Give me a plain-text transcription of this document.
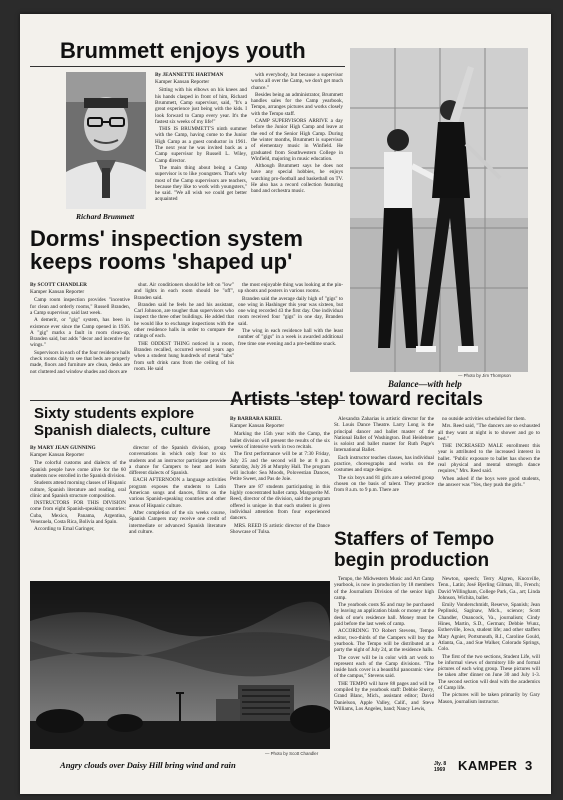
Brummett enjoys youth
Richard Brummett

By JEANNETTE HARTMAN

Kamper Kansan Reporter

Sitting with his elbows on his knees and his hands clasped in front of him, Richard Brummett, Camp supervisor, said, "It's a great experience just being with the kids. I look forward to Camp every year. It's the fastest six weeks of my life!"

THIS IS BRUMMETT'S ninth summer with the Camp, having come to the Junior High Camp as a guest conductor in 1961. The next year he was invited back as a Camp supervisor by Russell L. Wiley, Camp director.

The main thing about being a Camp supervisor is to like youngsters. That's why most of the Camp supervisors are teachers, because they like to work with youngsters," he said. "We all wish we could get better acquainted

with everybody, but because a supervisor works all over the Camp, we don't get much chance."

Besides being an administrator, Brummett handles sales for the Camp yearbook, Tempo, arranges pictures and works closely with the Tempo staff.

CAMP SUPERVISORS ARRIVE a day before the Junior High Camp and leave at the end of the Senior High Camp. During the winter months, Brummett is supervisor of elementary music in Winfield. He graduated from Southwestern College in Winfield, majoring in music education.

Although Brummett says he does not have any special hobbies, he enjoys watching pro-football and basketball on TV. He also has a record collection featuring band and orchestra music.

— Photo by Jim Thompson
Balance—with help
Dorms' inspection system
keeps rooms 'shaped up'

By SCOTT CHANDLER

Kamper Kansan Reporter

Camp room inspection provides "incentive for clean and orderly rooms," Russell Branden, a Camp supervisor, said last week.

A demerit, or "gig" system, has been in existence ever since the Camp opened in 1936. A "gig" marks a fault in room clean-up, Branden said, but adds "decor and incentive for wings."

Supervisors in each of the four residence halls check rooms daily to see that beds are properly made, floors and furniture are clean, desks are not cluttered and window shades and doors are

shut. Air conditioners should be left on "low" and lights in each room should be "off", Branden said.

Branden said he feels he and his assistant, Carl Johnson, are tougher than supervisors who inspect the three other buildings. He added that he would like to exchange inspections with the other residence halls in order to compare the ratings of each.

THE ODDEST THING noticed in a room, Branden recalled, occurred several years ago when a student hung hundreds of metal "tabs" from soft drink cans from the ceiling of his room. He said

the most enjoyable thing was looking at the pin-up shoots and posters in various rooms.

Branden said the average daily high of "gigs" to one wing in Hashinger this year was sixteen, but one wing recorded 43 the first day. One individual room received four "gigs" in one day, Branden said.

The wing in each residence hall with the least number of "gigs" in a week is awarded additional free time one evening and a pre-bedtime snack.

Artists 'step' toward recitals

By BARBARA KRIEL

Kamper Kansan Reporter

Marking the 15th year with the Camp, the ballet division will present the results of the six weeks of intensive work in two recitals.

The first performance will be at 7:30 Friday, July 25 and the second will be at 8 p.m. Saturday, July 26 at Murphy Hall. The program will include: Sea Moods, Polovestian Dances, Petite Sweet, and Pas de Joie.

There are 87 students participating in this highly concentrated ballet camp. Marguerite M. Reed, director of the division, said the program offered is unique in that each student is given individual attention from four experienced dancers.

MRS. REED IS artistic director of the Dance Showcase of Tulsa.

Alexandra Zaharias is artistic director for the St. Louis Dance Theatre. Larry Long is the principal dancer and ballet master of the National Ballet of Washington. Bud Heidebner is soloist and ballet master for Ruth Page's International Ballet.

Each instructor teaches classes, has individual practice, choreographs and works on the costumes and stage designs.

The six boys and 81 girls are a selected group chosen on the basis of talent. They practice from 8 a.m. to 9 p.m. There are

no outside activities scheduled for them.

Mrs. Reed said, "The dancers are so exhausted all they want at night is to shower and go to bed."

THE INCREASED MALE enrollment this year is attributed to the increased interest in ballet. "Public exposure to ballet has shown the real physical and mental strength dance requires," Mrs. Reed said.

When asked if the boys were good students, the answer was "Yes, they push the girls."

Sixty students explore
Spanish dialects, culture

By MARY JEAN GUNNING

Kamper Kansan Reporter

The colorful customs and dialects of the Spanish people have come alive for the 60 students now enrolled in the Spanish division.

Students attend morning classes of Hispanic culture, Spanish literature and reading, oral clinic and Spanish structure composition.

INSTRUCTORS FOR THIS DIVISION come from eight Spanish-speaking countries: Cuba, Mexico, Panama, Argentina, Venezuela, Costa Rica, Bolivia and Spain.

According to Ernal Garinger,

director of the Spanish division, group conversations in which only four to six students and an instructor participate provide a chance for Campers to hear and learn different dialects of Spanish.

EACH AFTERNOON a language activities program exposes the students to Latin American songs and dances, films on the various Spanish-speaking countries and other areas of Hispanic culture.

After completion of the six weeks course, Spanish Campers may receive one credit of intermediate or advanced Spanish literature and culture.	Staffers of Tempo
begin production

Tempo, the Midwestern Music and Art Camp yearbook, is now in production by 18 members of the Journalism Division of the senior high camp.

The yearbook costs $5 and may be purchased by leaving an application blank or money at the desk of one's residence hall. Money must be paid before the last week of camp.

ACCORDING TO Robert Stevens, Tempo editor, two-thirds of the Campers will buy the yearbook. The Tempo will be distributed at a party the night of July 24, at the residence halls.

The cover will be in color with art work to represent each of the Camp divisions. "The inside back cover is a beautiful panoramic view of the campus," Stevens said.

THE TEMPO will have 88 pages and will be compiled by the yearbook staff: Debbie Sherry, Grand Blanc, Mich., assistant editor; David Danielson, Apple Valley, Calif., and Steve Williams, Los Angeles, band; Nancy Lewis,

Newton, speech; Terry Algren, Knoxville, Tenn., Latin; José Bjerling Gilman, Ill., French; David Willingham, College Park, Ga., art; Linda Johnson, Wichita, ballet.

Emily Vonderschmidt, Reserve, Spanish; Jean Peplinski, Saginaw, Mich., science; Scott Chandler, Onancock, Va., journalism; Cindy Hines, Martin, S.D., German; Debbie Wunz, Estherville, Iowa, student life; and other staffers Mary Agnier, Portsmouth, R.I., Caroline Gould, Atlanta, Ga., and Sue Walker, Colorado Springs, Colo.

The first of the two sections, Student Life, will be informal views of dormitory life and formal pictures of each wing group. These pictures will be taken after dinner on June 30 and July 1-3. The second section will deal with the academics of Camp life.

The pictures will be taken primarily by Gary Mason, journalism instructor.

— Photo by Scott Chandler
Angry clouds over Daisy Hill bring wind and rain	Jly. 8
1969 KAMPER 3
